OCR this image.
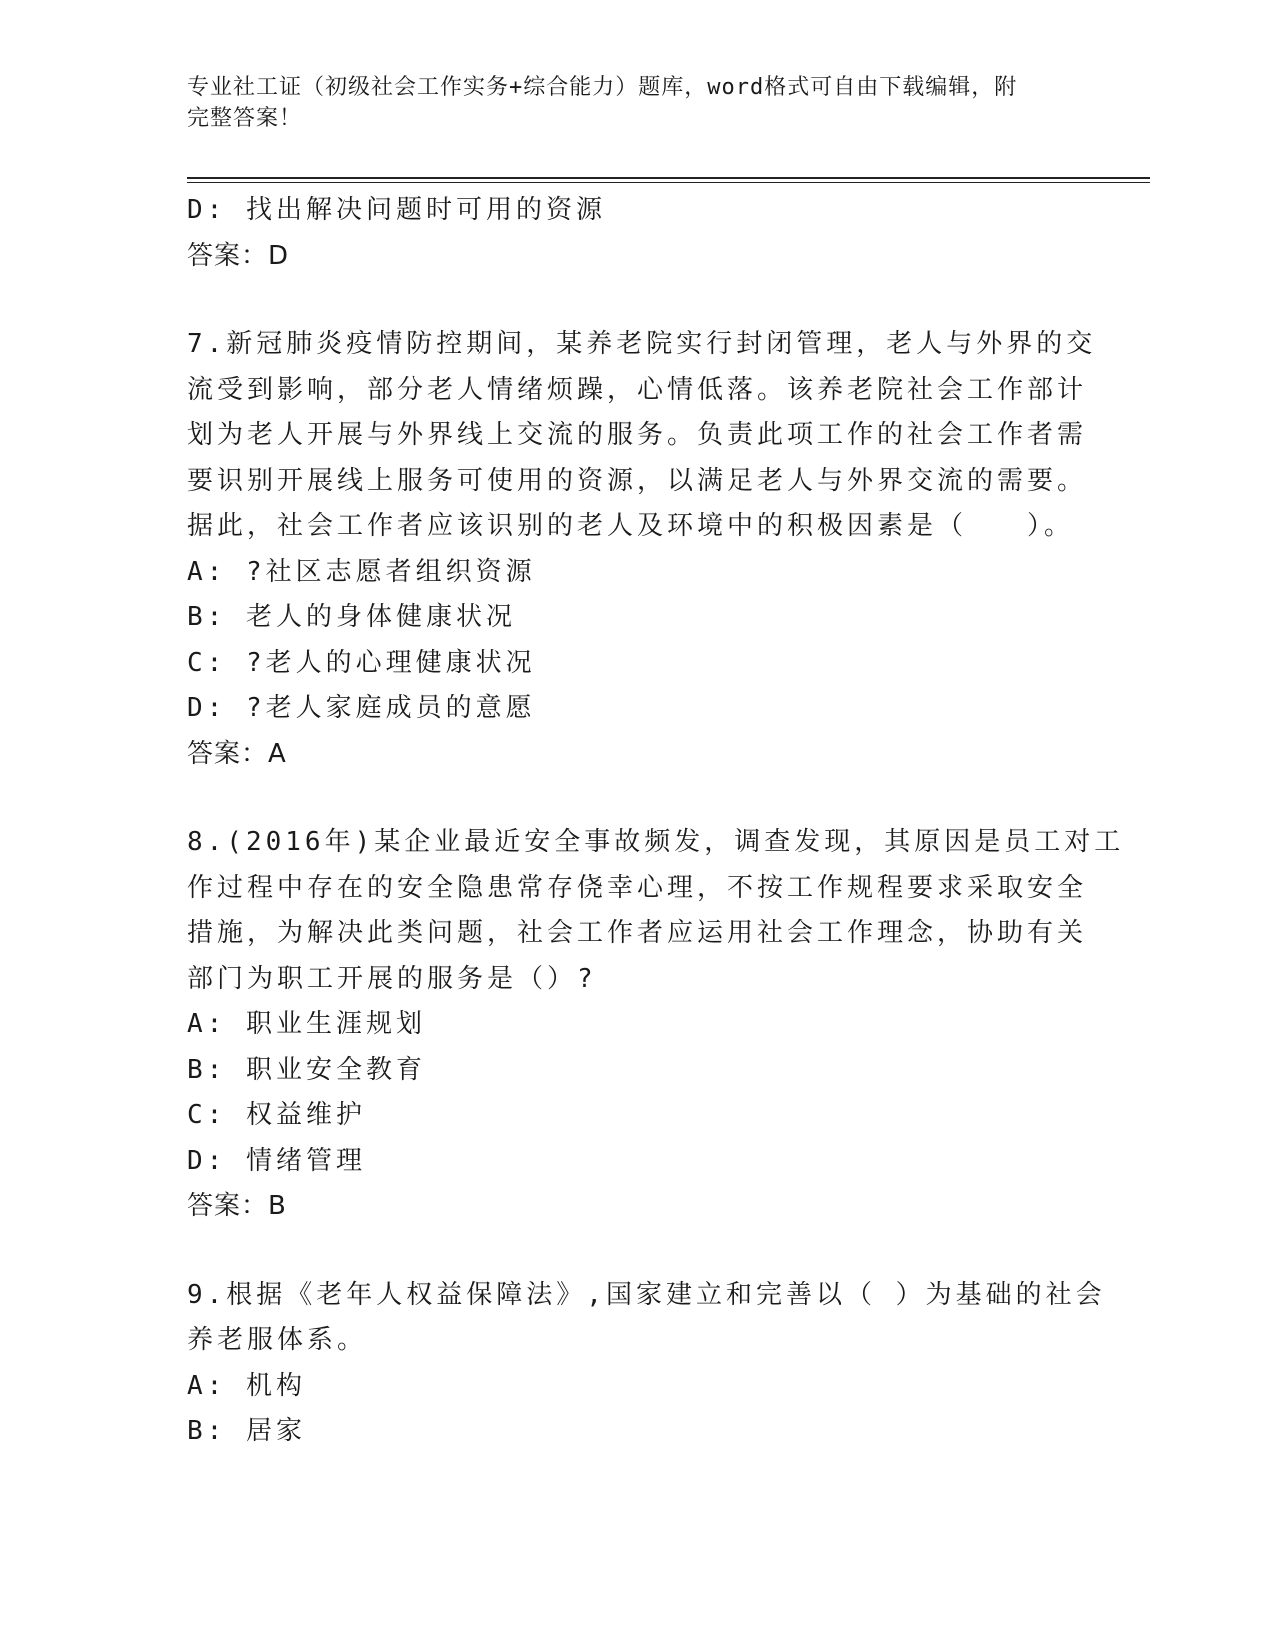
专业社工证（初级社会工作实务+综合能力）题库，word格式可自由下载编辑，附
完整答案！
D: 找出解决问题时可用的资源
答案：D
7.新冠肺炎疫情防控期间，某养老院实行封闭管理，老人与外界的交
流受到影响，部分老人情绪烦躁，心情低落。该养老院社会工作部计
划为老人开展与外界线上交流的服务。负责此项工作的社会工作者需
要识别开展线上服务可使用的资源，以满足老人与外界交流的需要。
据此，社会工作者应该识别的老人及环境中的积极因素是（　　）。
A: ?社区志愿者组织资源
B: 老人的身体健康状况
C: ?老人的心理健康状况
D: ?老人家庭成员的意愿
答案：A
8.(2016年)某企业最近安全事故频发，调查发现，其原因是员工对工
作过程中存在的安全隐患常存侥幸心理，不按工作规程要求采取安全
措施，为解决此类问题，社会工作者应运用社会工作理念，协助有关
部门为职工开展的服务是（）?
A: 职业生涯规划
B: 职业安全教育
C: 权益维护
D: 情绪管理
答案：B
9.根据《老年人权益保障法》,国家建立和完善以（ ）为基础的社会
养老服体系。
A: 机构
B: 居家
